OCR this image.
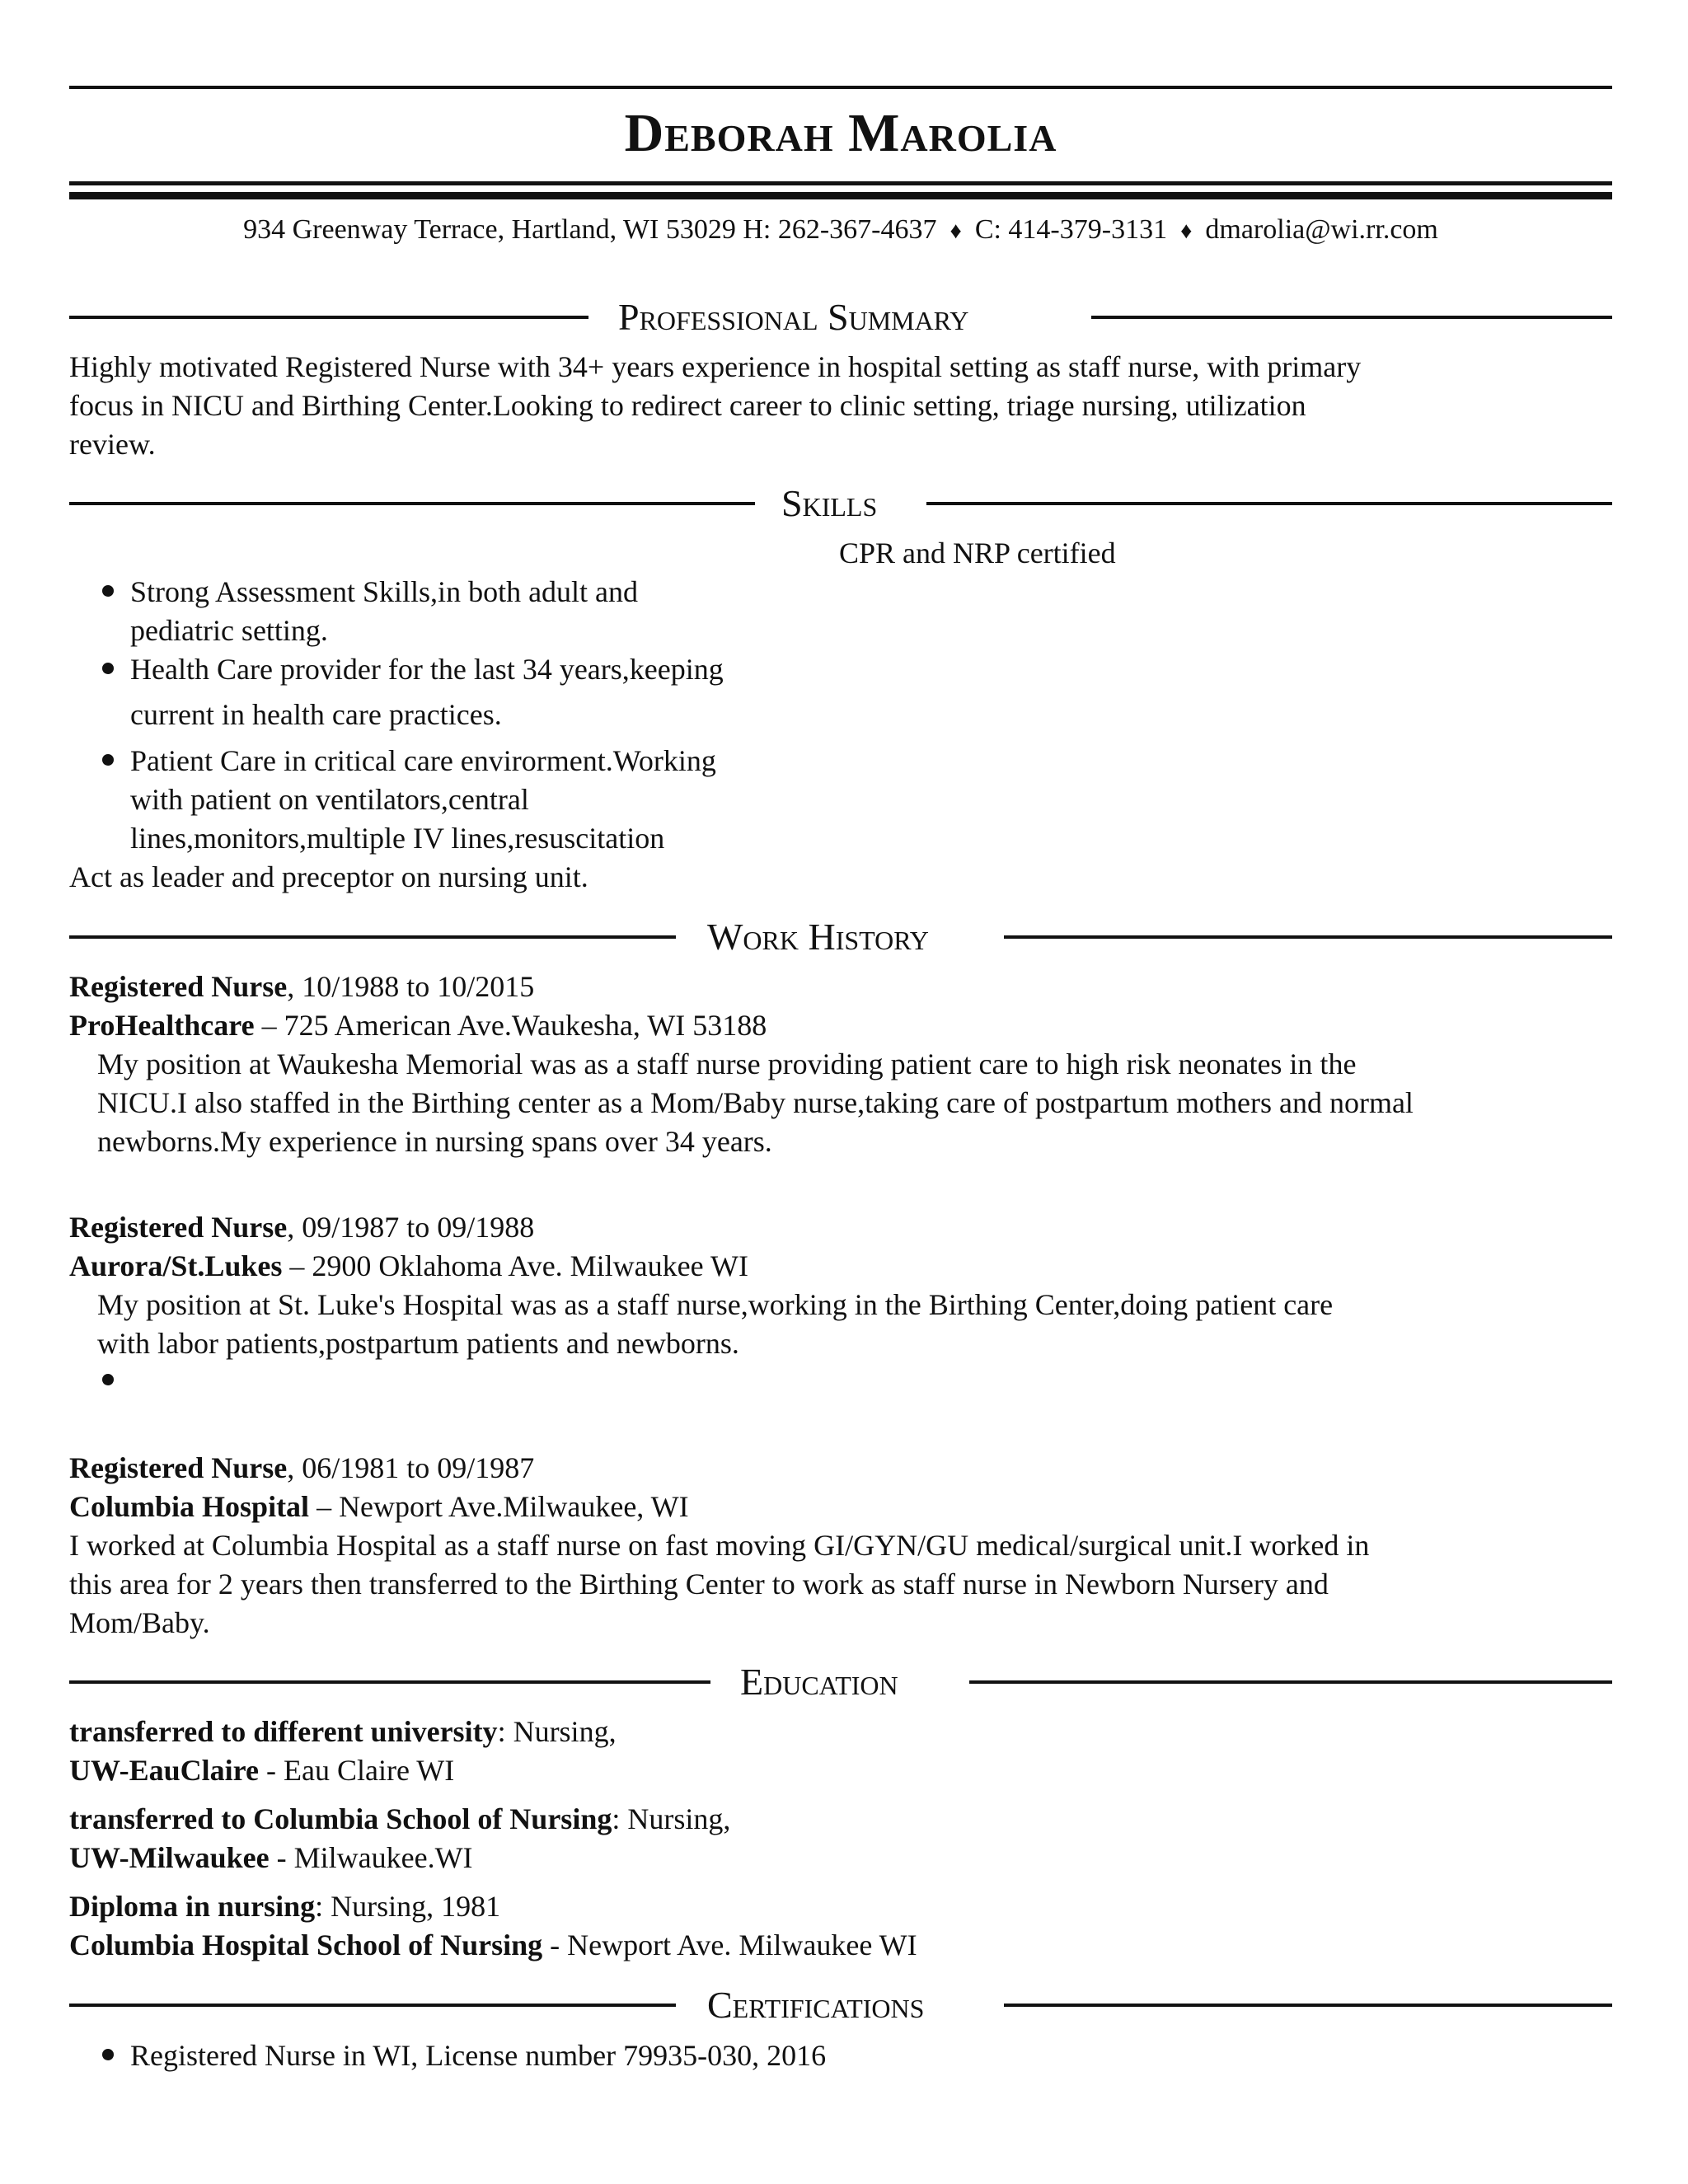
Deborah Marolia
934 Greenway Terrace, Hartland, WI 53029 H: 262-367-4637 ♦ C: 414-379-3131 ♦ dmarolia@wi.rr.com
Professional Summary
Highly motivated Registered Nurse with 34+ years experience in hospital setting as staff nurse, with primary
focus in NICU and Birthing Center.Looking to redirect career to clinic setting, triage nursing, utilization
review.
Skills
CPR and NRP certified
Strong Assessment Skills,in both adult and
pediatric setting.
Health Care provider for the last 34 years,keeping
current in health care practices.
Patient Care in critical care envirorment.Working
with patient on ventilators,central
lines,monitors,multiple IV lines,resuscitation
Act as leader and preceptor on nursing unit.
Work History
Registered Nurse, 10/1988 to 10/2015
ProHealthcare – 725 American Ave.Waukesha, WI 53188
My position at Waukesha Memorial was as a staff nurse providing patient care to high risk neonates in the
NICU.I also staffed in the Birthing center as a Mom/Baby nurse,taking care of postpartum mothers and normal
newborns.My experience in nursing spans over 34 years.
Registered Nurse, 09/1987 to 09/1988
Aurora/St.Lukes – 2900 Oklahoma Ave. Milwaukee WI
My position at St. Luke's Hospital was as a staff nurse,working in the Birthing Center,doing patient care
with labor patients,postpartum patients and newborns.
Registered Nurse, 06/1981 to 09/1987
Columbia Hospital – Newport Ave.Milwaukee, WI
I worked at Columbia Hospital as a staff nurse on fast moving GI/GYN/GU medical/surgical unit.I worked in
this area for 2 years then transferred to the Birthing Center to work as staff nurse in Newborn Nursery and
Mom/Baby.
Education
transferred to different university: Nursing,
UW-EauClaire - Eau Claire WI
transferred to Columbia School of Nursing: Nursing,
UW-Milwaukee - Milwaukee.WI
Diploma in nursing: Nursing, 1981
Columbia Hospital School of Nursing - Newport Ave. Milwaukee WI
Certifications
Registered Nurse in WI, License number 79935-030, 2016
